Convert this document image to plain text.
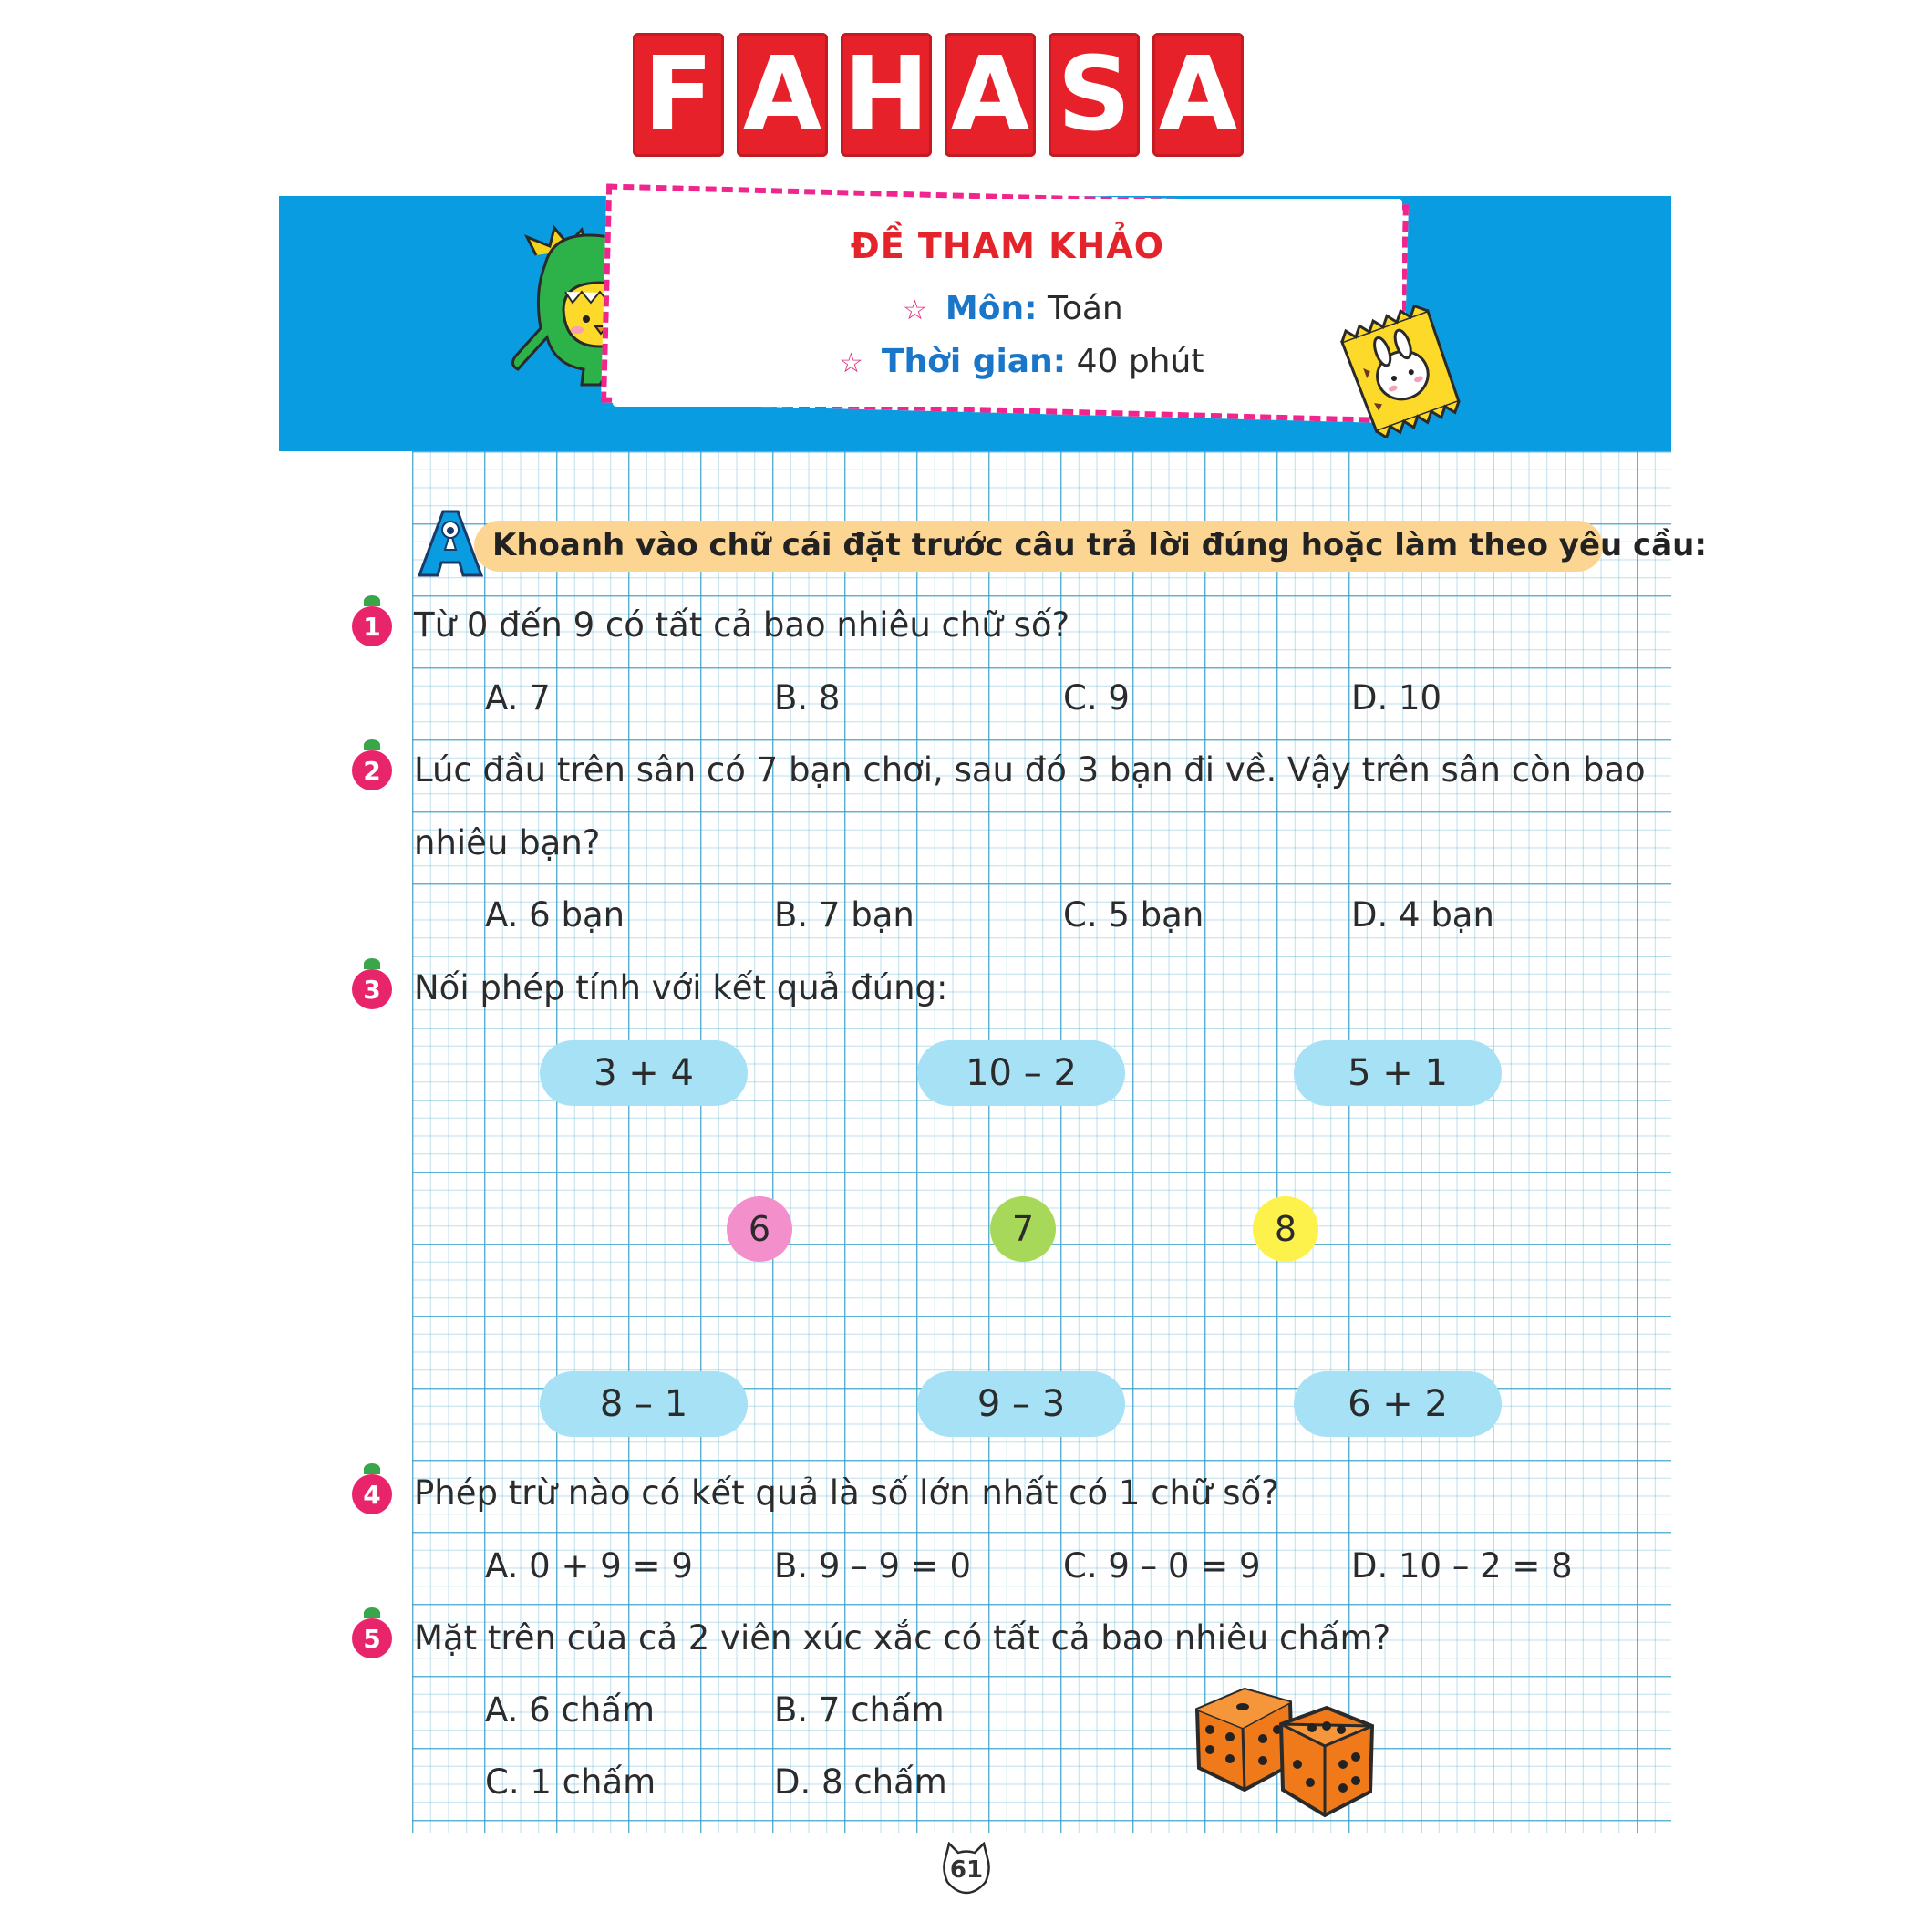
F A H A S A
ĐỀ THAM KHẢO
☆ Môn: Toán
☆ Thời gian: 40 phút
Khoanh vào chữ cái đặt trước câu trả lời đúng hoặc làm theo yêu cầu:
1 Từ 0 đến 9 có tất cả bao nhiêu chữ số?
A. 7	B. 8	C. 9	D. 10
2 Lúc đầu trên sân có 7 bạn chơi, sau đó 3 bạn đi về. Vậy trên sân còn bao
nhiêu bạn?
A. 6 bạn	B. 7 bạn	C. 5 bạn	D. 4 bạn
3 Nối phép tính với kết quả đúng:
3 + 4	10 – 2	5 + 1
6	7	8
8 – 1	9 – 3	6 + 2
4 Phép trừ nào có kết quả là số lớn nhất có 1 chữ số?
A. 0 + 9 = 9 B. 9 – 9 = 0	C. 9 – 0 = 9	D. 10 – 2 = 8
5 Mặt trên của cả 2 viên xúc xắc có tất cả bao nhiêu chấm?
A. 6 chấm	B. 7 chấm
C. 1 chấm	D. 8 chấm
61
